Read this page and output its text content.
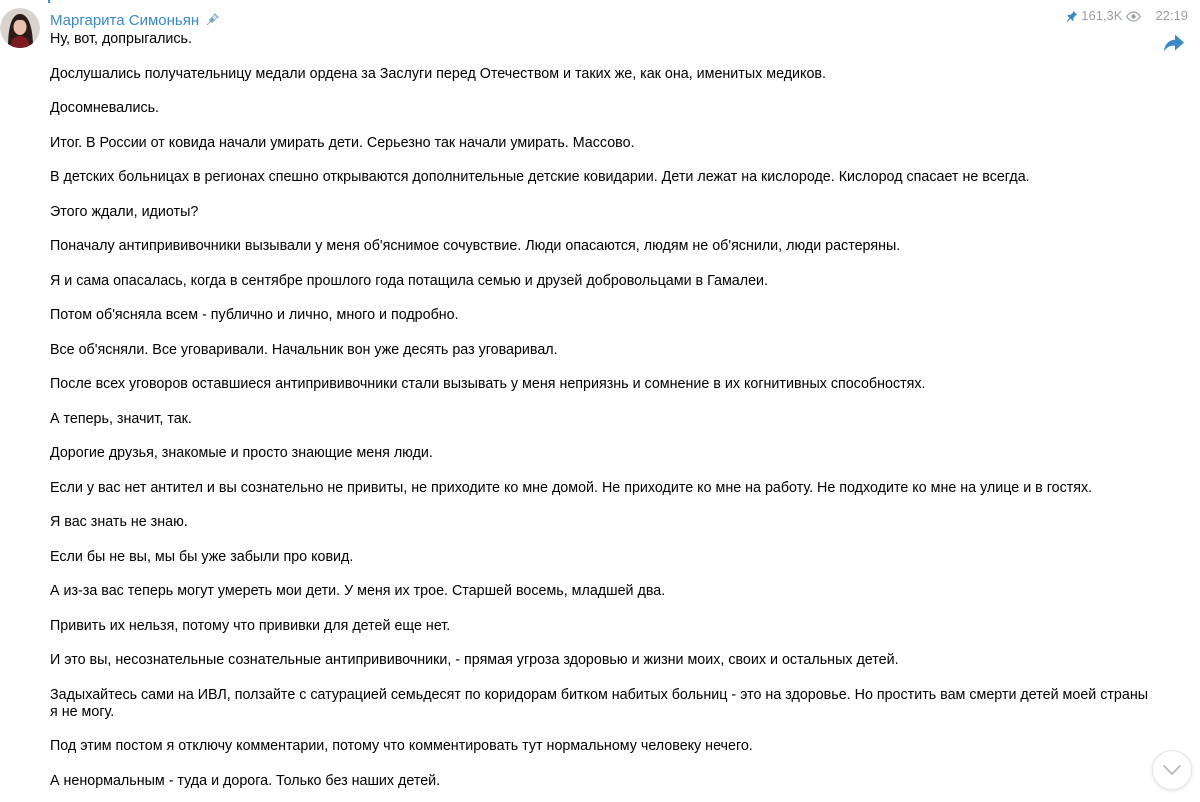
Маргарита Симоньян	161,3K	22:19

Ну, вот, допрыгались.

Дослушались получательницу медали ордена за Заслуги перед Отечеством и таких же, как она, именитых медиков.

Досомневались.

Итог. В России от ковида начали умирать дети. Серьезно так начали умирать. Массово.

В детских больницах в регионах спешно открываются дополнительные детские ковидарии. Дети лежат на кислороде. Кислород спасает не всегда.

Этого ждали, идиоты?

Поначалу антипрививочники вызывали у меня об'яснимое сочувствие. Люди опасаются, людям не об'яснили, люди растеряны.

Я и сама опасалась, когда в сентябре прошлого года потащила семью и друзей добровольцами в Гамалеи.

Потом об'ясняла всем - публично и лично, много и подробно.

Все об'ясняли. Все уговаривали. Начальник вон уже десять раз уговаривал.

После всех уговоров оставшиеся антипрививочники стали вызывать у меня неприязнь и сомнение в их когнитивных способностях.

А теперь, значит, так.

Дорогие друзья, знакомые и просто знающие меня люди.

Если у вас нет антител и вы сознательно не привиты, не приходите ко мне домой. Не приходите ко мне на работу. Не подходите ко мне на улице и в гостях.

Я вас знать не знаю.

Если бы не вы, мы бы уже забыли про ковид.

А из-за вас теперь могут умереть мои дети. У меня их трое. Старшей восемь, младшей два.

Привить их нельзя, потому что прививки для детей еще нет.

И это вы, несознательные сознательные антипрививочники, - прямая угроза здоровью и жизни моих, своих и остальных детей.

Задыхайтесь сами на ИВЛ, ползайте с сатурацией семьдесят по коридорам битком набитых больниц - это на здоровье. Но простить вам смерти детей моей страны я не могу.

Под этим постом я отключу комментарии, потому что комментировать тут нормальному человеку нечего.

А ненормальным - туда и дорога. Только без наших детей.
